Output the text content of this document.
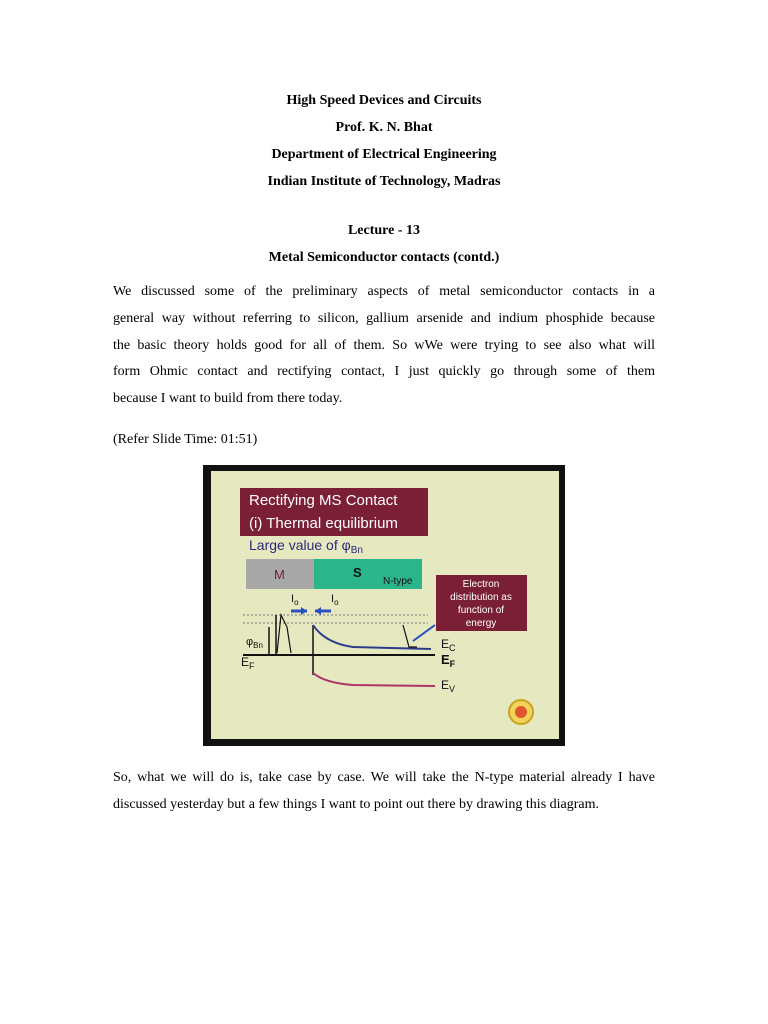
High Speed Devices and Circuits
Prof. K. N. Bhat
Department of Electrical Engineering
Indian Institute of Technology, Madras
Lecture - 13
Metal Semiconductor contacts (contd.)
We discussed some of the preliminary aspects of metal semiconductor contacts in a
general way without referring to silicon, gallium arsenide and indium phosphide because
the basic theory holds good for all of them. So wWe were trying to see also what will
form Ohmic contact and rectifying contact, I just quickly go through some of them
because I want to build from there today.
(Refer Slide Time: 01:51)
Rectifying MS Contact
(i) Thermal equilibrium
Large value of $\varphi_{Bn}$
M	S
N-type	Electron
distribution as
function of
energy
$I_o$	$I_o$
$\varphi_{Bn}$
$E_F$
$E_C$
$E_F$
$E_V$
So, what we will do is, take case by case. We will take the N-type material already I have
discussed yesterday but a few things I want to point out there by drawing this diagram.
